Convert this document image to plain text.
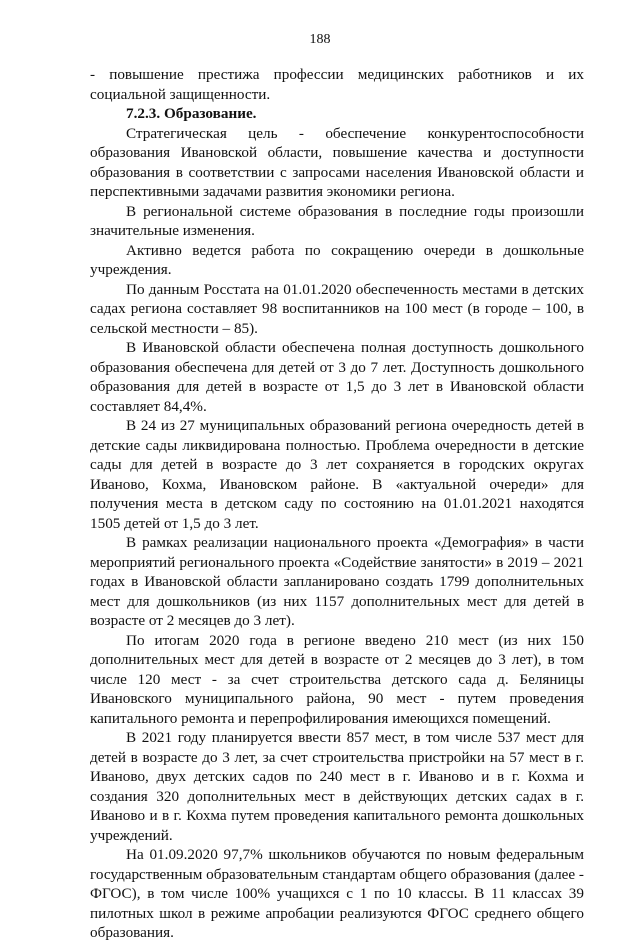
188

- повышение престижа профессии медицинских работников и их социальной защищенности.

7.2.3. Образование.

Стратегическая цель - обеспечение конкурентоспособности образования Ивановской области, повышение качества и доступности образования в соответствии с запросами населения Ивановской области и перспективными задачами развития экономики региона.

В региональной системе образования в последние годы произошли значительные изменения.

Активно ведется работа по сокращению очереди в дошкольные учреждения.

По данным Росстата на 01.01.2020 обеспеченность местами в детских садах региона составляет 98 воспитанников на 100 мест (в городе – 100, в сельской местности – 85).

В Ивановской области обеспечена полная доступность дошкольного образования обеспечена для детей от 3 до 7 лет. Доступность дошкольного образования для детей в возрасте от 1,5 до 3 лет в Ивановской области составляет 84,4%.

В 24 из 27 муниципальных образований региона очередность детей в детские сады ликвидирована полностью. Проблема очередности в детские сады для детей в возрасте до 3 лет сохраняется в городских округах Иваново, Кохма, Ивановском районе. В «актуальной очереди» для получения места в детском саду по состоянию на 01.01.2021 находятся 1505 детей от 1,5 до 3 лет.

В рамках реализации национального проекта «Демография» в части мероприятий регионального проекта «Содействие занятости» в 2019 – 2021 годах в Ивановской области запланировано создать 1799 дополнительных мест для дошкольников (из них 1157 дополнительных мест для детей в возрасте от 2 месяцев до 3 лет).

По итогам 2020 года в регионе введено 210 мест (из них 150 дополнительных мест для детей в возрасте от 2 месяцев до 3 лет), в том числе 120 мест - за счет строительства детского сада д. Беляницы Ивановского муниципального района, 90 мест - путем проведения капитального ремонта и перепрофилирования имеющихся помещений.

В 2021 году планируется ввести 857 мест, в том числе 537 мест для детей в возрасте до 3 лет, за счет строительства пристройки на 57 мест в г. Иваново, двух детских садов по 240 мест в г. Иваново и в г. Кохма и создания 320 дополнительных мест в действующих детских садах в г. Иваново и в г. Кохма путем проведения капитального ремонта дошкольных учреждений.

На 01.09.2020 97,7% школьников обучаются по новым федеральным государственным образовательным стандартам общего образования (далее - ФГОС), в том числе 100% учащихся с 1 по 10 классы. В 11 классах 39 пилотных школ в режиме апробации реализуются ФГОС среднего общего образования.
